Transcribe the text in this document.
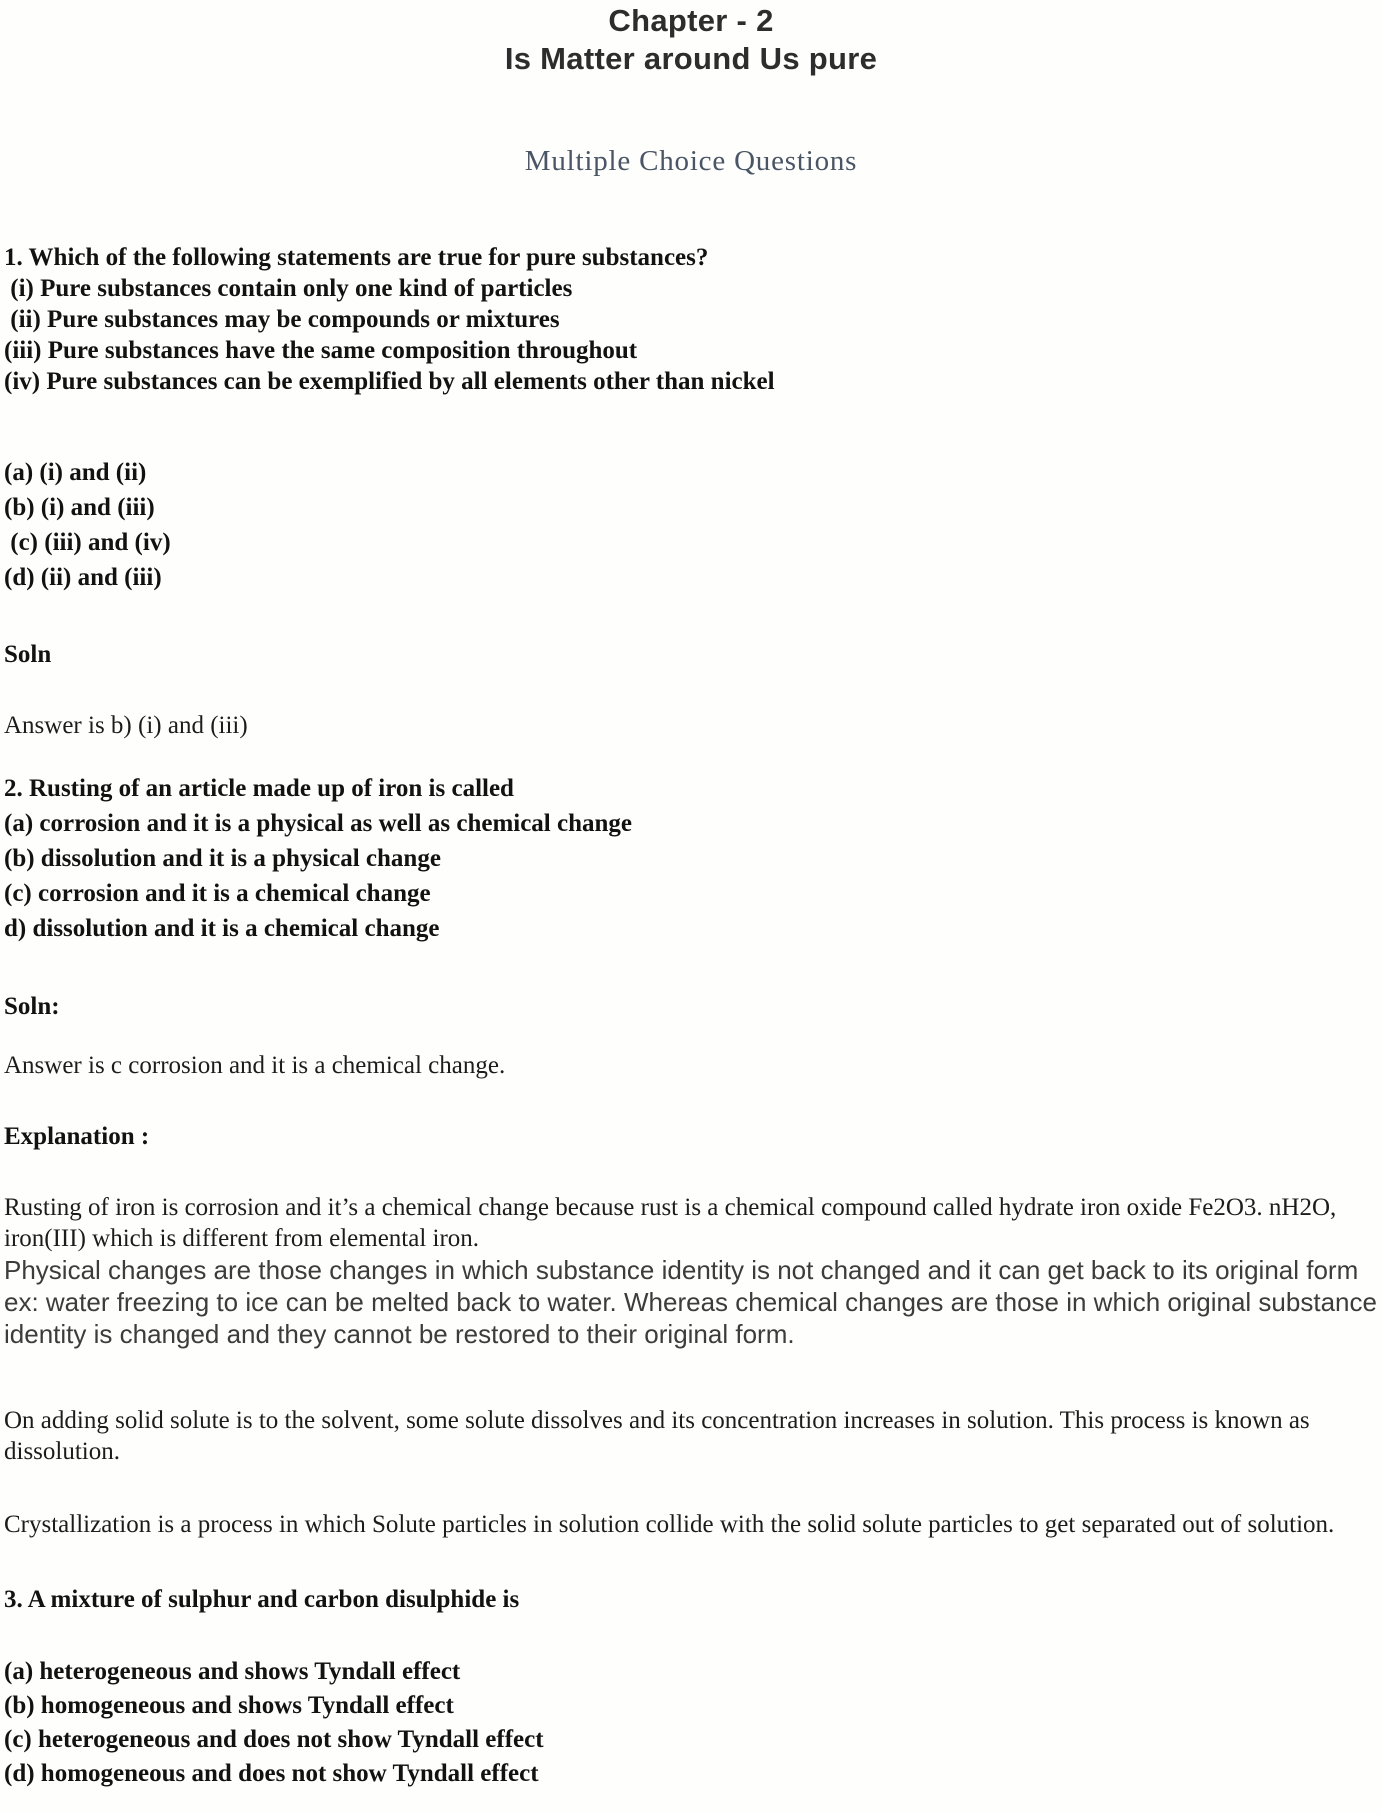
Chapter - 2
Is Matter around Us pure
Multiple Choice Questions
1. Which of the following statements are true for pure substances?
(i) Pure substances contain only one kind of particles
(ii) Pure substances may be compounds or mixtures
(iii) Pure substances have the same composition throughout
(iv) Pure substances can be exemplified by all elements other than nickel
(a) (i) and (ii)
(b) (i) and (iii)
(c) (iii) and (iv)
(d) (ii) and (iii)
Soln
Answer is b) (i) and (iii)
2. Rusting of an article made up of iron is called
(a) corrosion and it is a physical as well as chemical change
(b) dissolution and it is a physical change
(c) corrosion and it is a chemical change
d) dissolution and it is a chemical change
Soln:
Answer is c corrosion and it is a chemical change.
Explanation :
Rusting of iron is corrosion and it’s a chemical change because rust is a chemical compound called hydrate iron oxide Fe2O3. nH2O, iron(III) which is different from elemental iron.
Physical changes are those changes in which substance identity is not changed and it can get back to its original form ex: water freezing to ice can be melted back to water. Whereas chemical changes are those in which original substance identity is changed and they cannot be restored to their original form.
On adding solid solute is to the solvent, some solute dissolves and its concentration increases in solution. This process is known as dissolution.
Crystallization is a process in which Solute particles in solution collide with the solid solute particles to get separated out of solution.
3. A mixture of sulphur and carbon disulphide is
(a) heterogeneous and shows Tyndall effect
(b) homogeneous and shows Tyndall effect
(c) heterogeneous and does not show Tyndall effect
(d) homogeneous and does not show Tyndall effect
